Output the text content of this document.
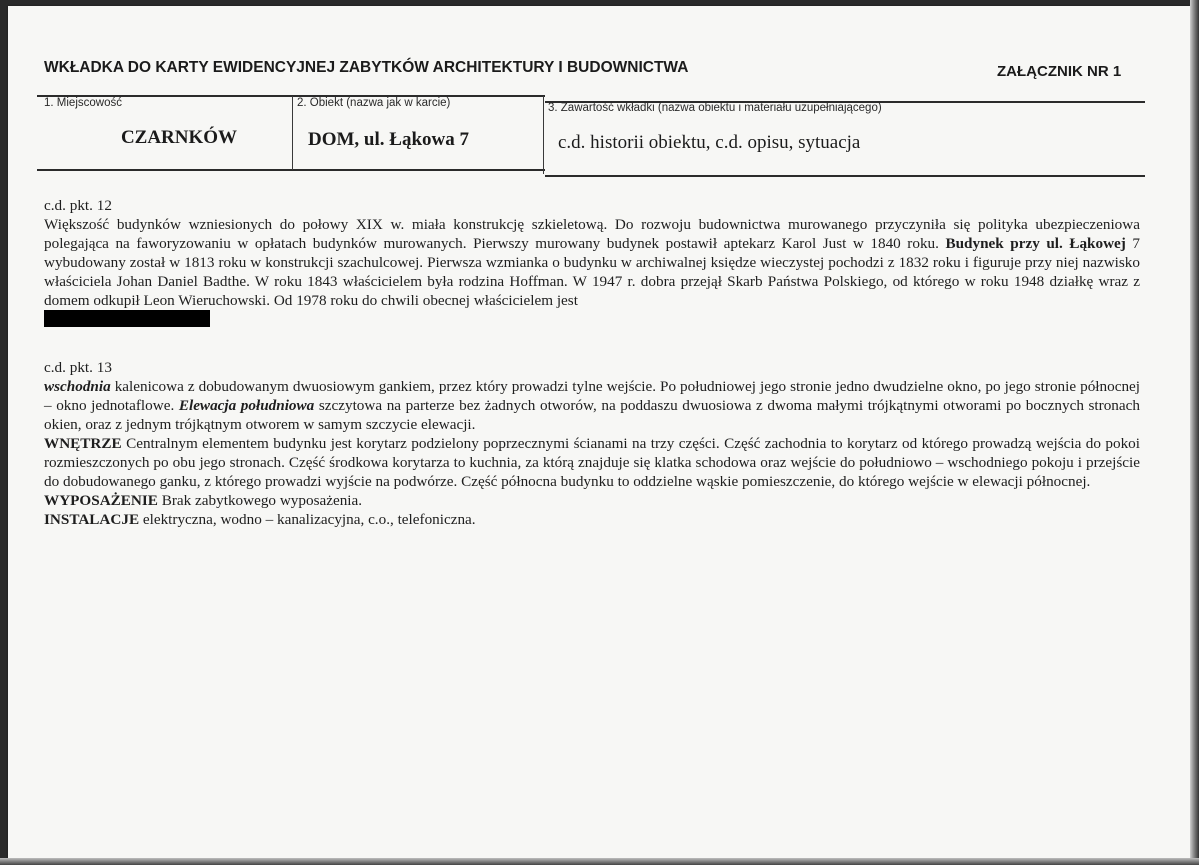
WKŁADKA DO KARTY EWIDENCYJNEJ ZABYTKÓW ARCHITEKTURY I BUDOWNICTWA	ZAŁĄCZNIK NR 1
1. Miejscowość
CZARNKÓW
2. Obiekt (nazwa jak w karcie)
DOM, ul. Łąkowa 7
3. Zawartość wkładki (nazwa obiektu i materiału uzupełniającego)
c.d. historii obiektu, c.d. opisu, sytuacja

c.d. pkt. 12

Większość budynków wzniesionych do połowy XIX w. miała konstrukcję szkieletową. Do rozwoju budownictwa murowanego przyczyniła się polityka ubezpieczeniowa polegająca na faworyzowaniu w opłatach budynków murowanych. Pierwszy murowany budynek postawił aptekarz Karol Just w 1840 roku. Budynek przy ul. Łąkowej 7 wybudowany został w 1813 roku w konstrukcji szachulcowej. Pierwsza wzmianka o budynku w archiwalnej księdze wieczystej pochodzi z 1832 roku i figuruje przy niej nazwisko właściciela Johan Daniel Badthe. W roku 1843 właścicielem była rodzina Hoffman. W 1947 r. dobra przejął Skarb Państwa Polskiego, od którego w roku 1948 działkę wraz z domem odkupił Leon Wieruchowski. Od 1978 roku do chwili obecnej właścicielem jest

c.d. pkt. 13

wschodnia kalenicowa z dobudowanym dwuosiowym gankiem, przez który prowadzi tylne wejście. Po południowej jego stronie jedno dwudzielne okno, po jego stronie północnej – okno jednotaflowe. Elewacja południowa szczytowa na parterze bez żadnych otworów, na poddaszu dwuosiowa z dwoma małymi trójkątnymi otworami po bocznych stronach okien, oraz z jednym trójkątnym otworem w samym szczycie elewacji.

WNĘTRZE Centralnym elementem budynku jest korytarz podzielony poprzecznymi ścianami na trzy części. Część zachodnia to korytarz od którego prowadzą wejścia do pokoi rozmieszczonych po obu jego stronach. Część środkowa korytarza to kuchnia, za którą znajduje się klatka schodowa oraz wejście do południowo – wschodniego pokoju i przejście do dobudowanego ganku, z którego prowadzi wyjście na podwórze. Część północna budynku to oddzielne wąskie pomieszczenie, do którego wejście w elewacji północnej.

WYPOSAŻENIE Brak zabytkowego wyposażenia.

INSTALACJE elektryczna, wodno – kanalizacyjna, c.o., telefoniczna.
